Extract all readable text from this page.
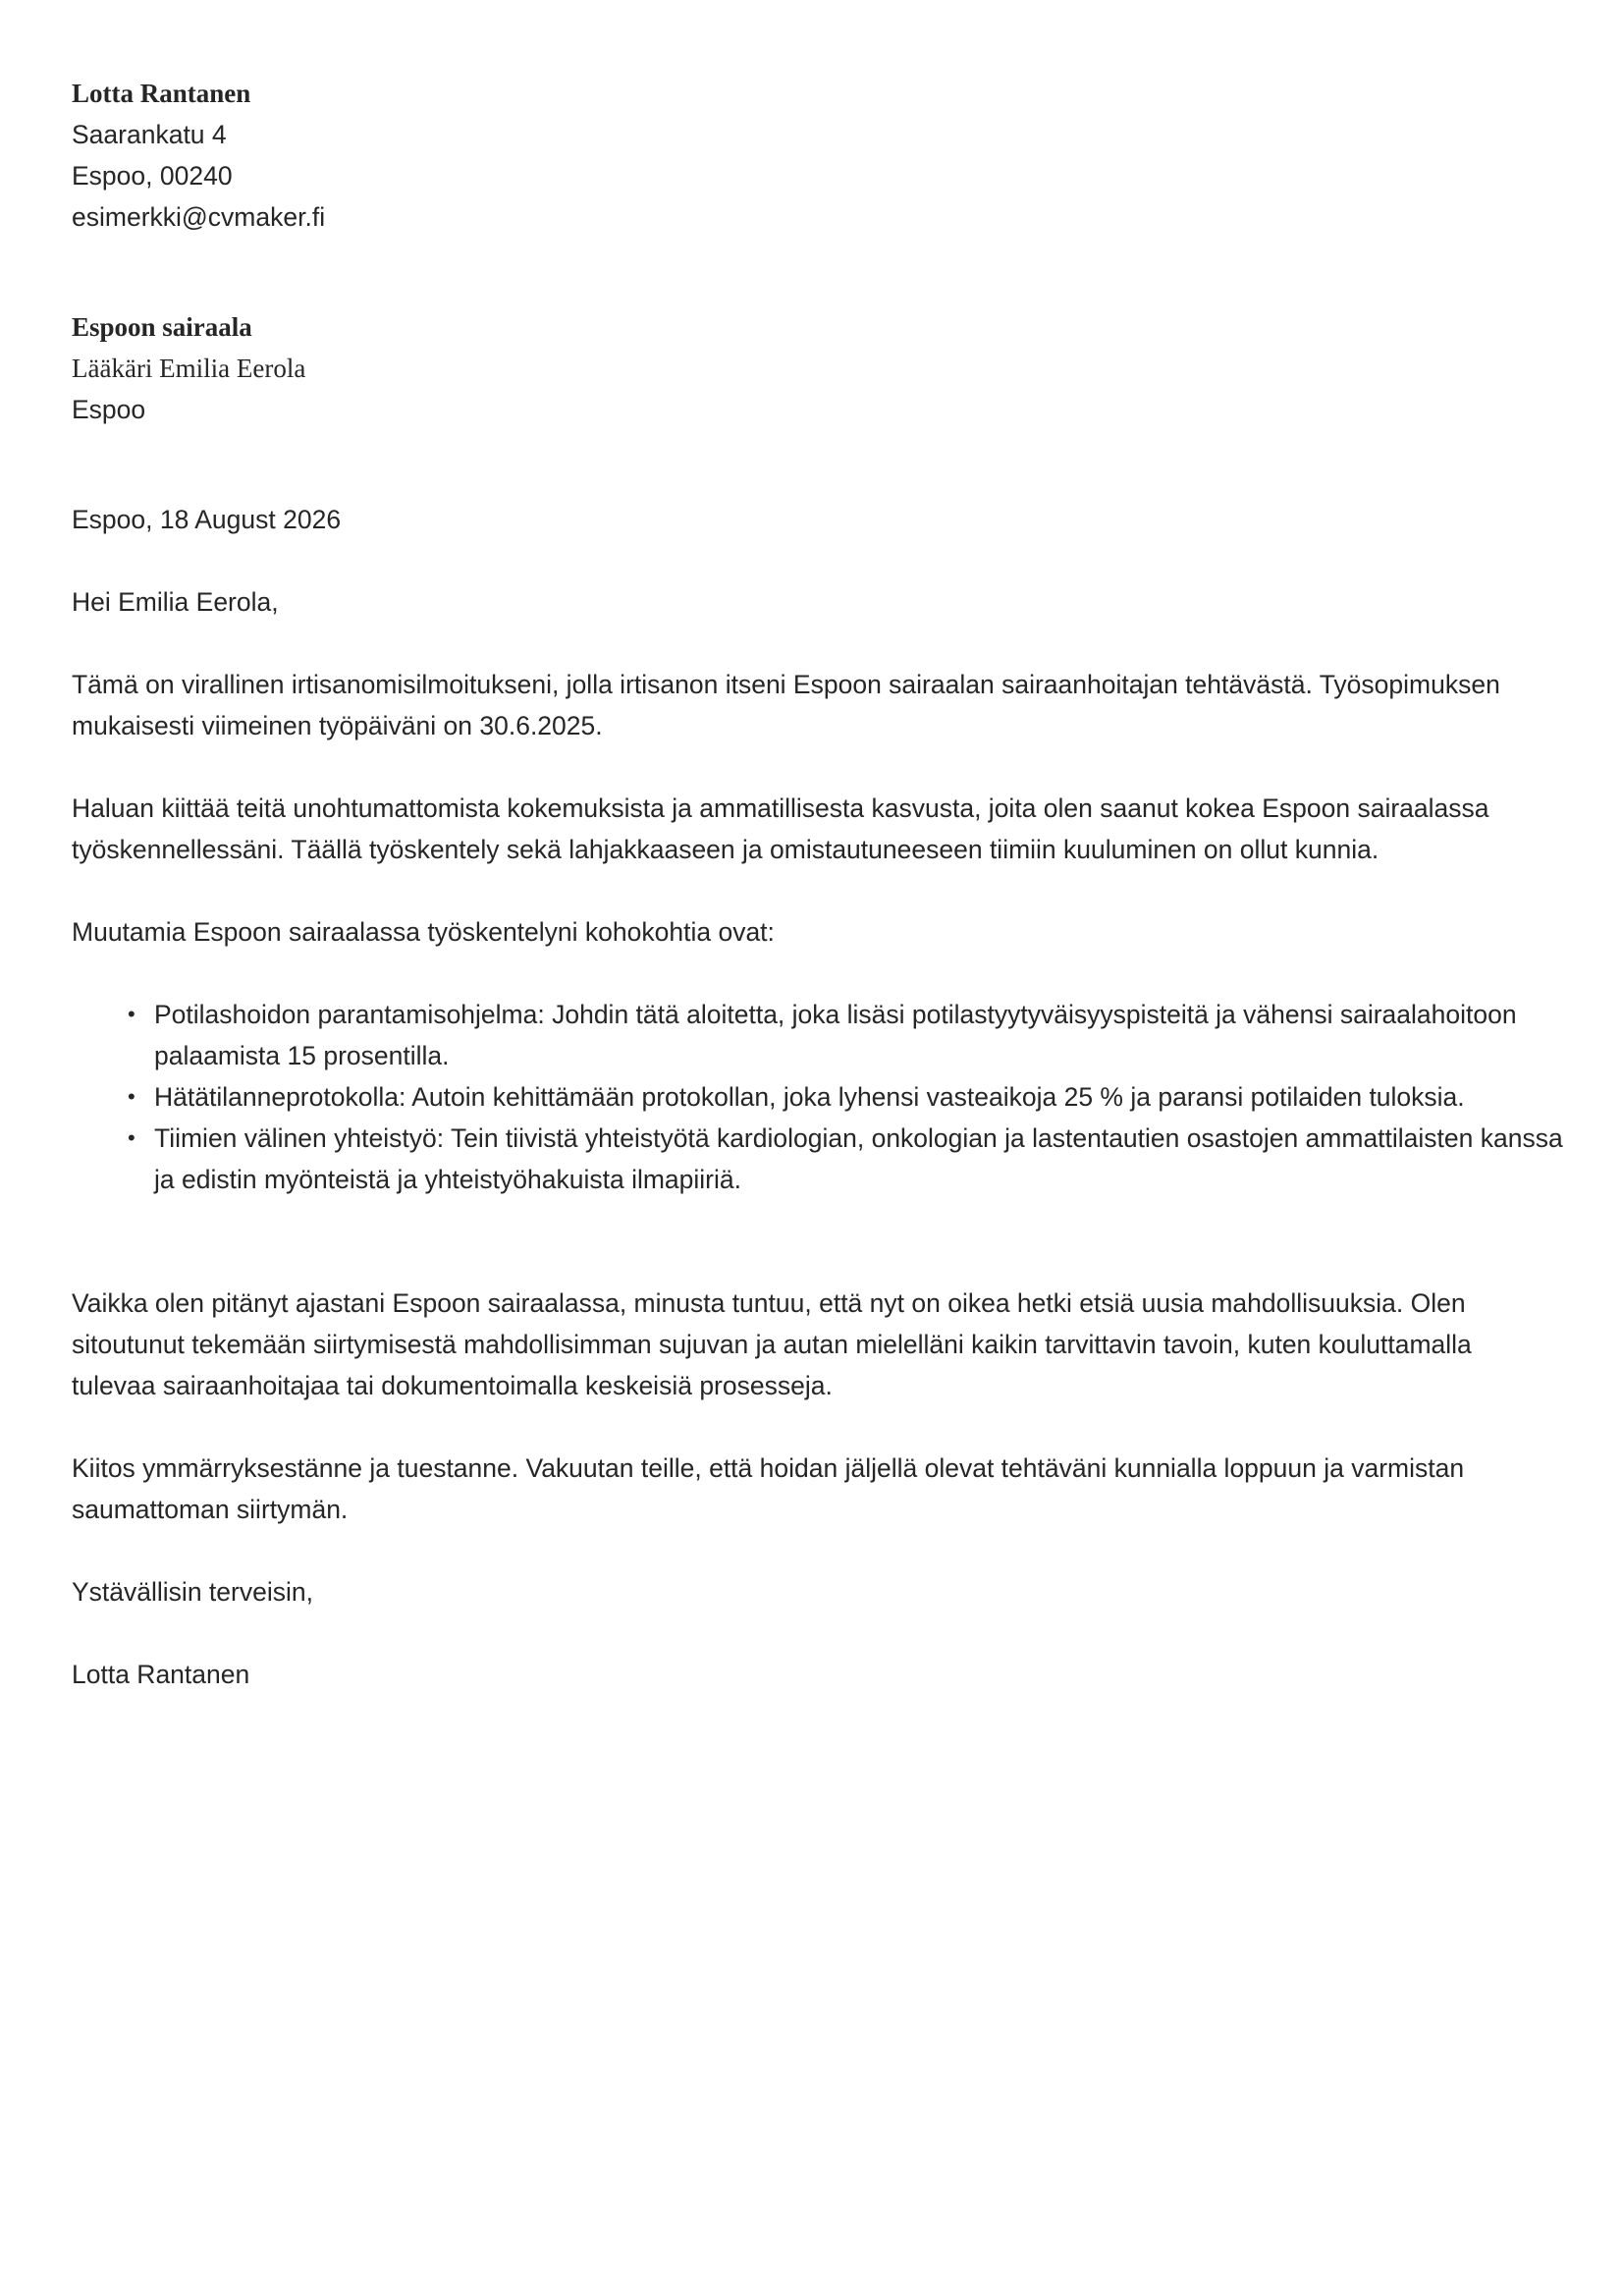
Lotta Rantanen
Saarankatu 4
Espoo, 00240
esimerkki@cvmaker.fi
Espoon sairaala
Lääkäri Emilia Eerola
Espoo

Espoo, 18 August 2026

Hei Emilia Eerola,

Tämä on virallinen irtisanomisilmoitukseni, jolla irtisanon itseni Espoon sairaalan sairaanhoitajan tehtävästä. Työsopimuksen mukaisesti viimeinen työpäiväni on 30.6.2025.

Haluan kiittää teitä unohtumattomista kokemuksista ja ammatillisesta kasvusta, joita olen saanut kokea Espoon sairaalassa työskennellessäni. Täällä työskentely sekä lahjakkaaseen ja omistautuneeseen tiimiin kuuluminen on ollut kunnia.

Muutamia Espoon sairaalassa työskentelyni kohokohtia ovat:

• Potilashoidon parantamisohjelma: Johdin tätä aloitetta, joka lisäsi potilastyytyväisyyspisteitä ja vähensi sairaalahoitoon palaamista 15 prosentilla.
• Hätätilanneprotokolla: Autoin kehittämään protokollan, joka lyhensi vasteaikoja 25 % ja paransi potilaiden tuloksia.
• Tiimien välinen yhteistyö: Tein tiivistä yhteistyötä kardiologian, onkologian ja lastentautien osastojen ammattilaisten kanssa ja edistin myönteistä ja yhteistyöhakuista ilmapiiriä.

Vaikka olen pitänyt ajastani Espoon sairaalassa, minusta tuntuu, että nyt on oikea hetki etsiä uusia mahdollisuuksia. Olen sitoutunut tekemään siirtymisestä mahdollisimman sujuvan ja autan mielelläni kaikin tarvittavin tavoin, kuten kouluttamalla tulevaa sairaanhoitajaa tai dokumentoimalla keskeisiä prosesseja.

Kiitos ymmärryksestänne ja tuestanne. Vakuutan teille, että hoidan jäljellä olevat tehtäväni kunnialla loppuun ja varmistan saumattoman siirtymän.

Ystävällisin terveisin,

Lotta Rantanen
